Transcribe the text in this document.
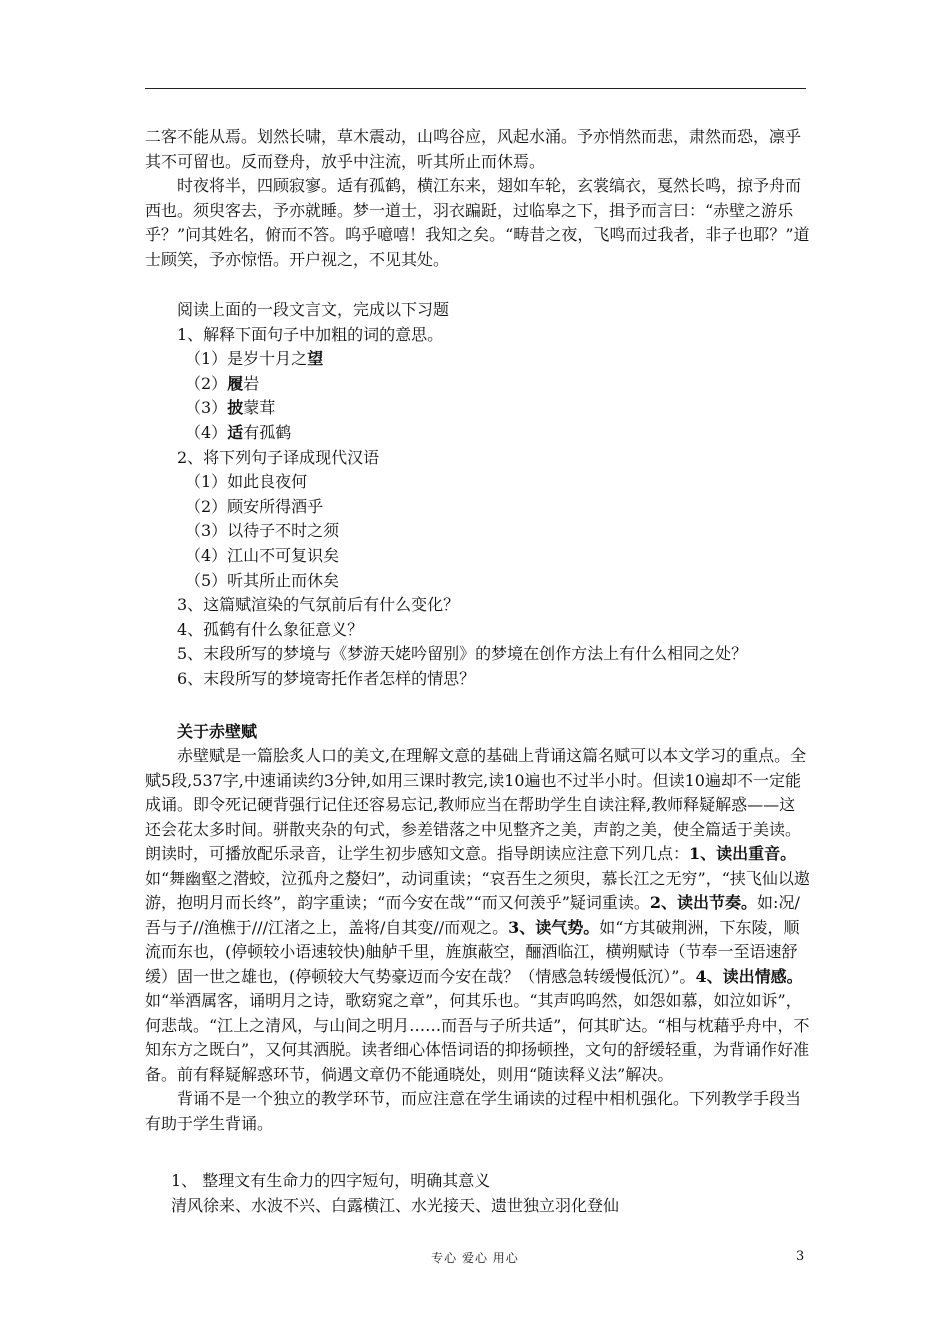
二客不能从焉。划然长啸，草木震动，山鸣谷应，风起水涌。予亦悄然而悲，肃然而恐，凛乎其不可留也。反而登舟，放乎中注流，听其所止而休焉。

时夜将半，四顾寂寥。适有孤鹤，横江东来，翅如车轮，玄裳缟衣，戛然长鸣，掠予舟而西也。须臾客去，予亦就睡。梦一道士，羽衣蹁跹，过临皋之下，揖予而言曰：“赤壁之游乐乎？”问其姓名，俯而不答。呜乎噫嘻！我知之矣。“畴昔之夜，飞鸣而过我者，非子也耶？”道士顾笑，予亦惊悟。开户视之，不见其处。

阅读上面的一段文言文，完成以下习题
1、解释下面句子中加粗的词的意思。
（1）是岁十月之望
（2）履岩
（3）披蒙茸
（4）适有孤鹤
2、将下列句子译成现代汉语
（1）如此良夜何
（2）顾安所得酒乎
（3）以待子不时之须
（4）江山不可复识矣
（5）听其所止而休矣
3、这篇赋渲染的气氛前后有什么变化？
4、孤鹤有什么象征意义？
5、末段所写的梦境与《梦游天姥吟留别》的梦境在创作方法上有什么相同之处？
6、末段所写的梦境寄托作者怎样的情思？
关于赤壁赋

赤壁赋是一篇脍炙人口的美文,在理解文意的基础上背诵这篇名赋可以本文学习的重点。全赋5段,537字,中速诵读约3分钟,如用三课时教完,读10遍也不过半小时。但读10遍却不一定能成诵。即令死记硬背强行记住还容易忘记,教师应当在帮助学生自读注释,教师释疑解惑——这还会花太多时间。骈散夹杂的句式，参差错落之中见整齐之美，声韵之美，使全篇适于美读。朗读时，可播放配乐录音，让学生初步感知文意。指导朗读应注意下列几点：1、读出重音。如“舞幽壑之潜蛟，泣孤舟之嫠妇”，动词重读；“哀吾生之须臾，慕长江之无穷”，“挟飞仙以遨游，抱明月而长终”，韵字重读；“而今安在哉”“而又何羡乎”疑词重读。2、读出节奏。如:况/吾与子//渔樵于///江渚之上，盖将/自其变//而观之。3、读气势。如“方其破荆洲，下东陵，顺流而东也，(停顿较小语速较快)舳舻千里，旌旗蔽空，酾酒临江，横朔赋诗（节奉一至语速舒缓）固一世之雄也，(停顿较大气势豪迈而今安在哉？（情感急转缓慢低沉）”。4、读出情感。如“举酒属客，诵明月之诗，歌窈窕之章”，何其乐也。“其声呜呜然，如怨如慕，如泣如诉”，何悲哉。“江上之清风，与山间之明月……而吾与子所共适”，何其旷达。“相与枕藉乎舟中，不知东方之既白”，又何其洒脱。读者细心体悟词语的抑扬顿挫，文句的舒缓轻重，为背诵作好准备。前有释疑解惑环节，倘遇文章仍不能通晓处，则用“随读释义法”解决。

背诵不是一个独立的教学环节，而应注意在学生诵读的过程中相机强化。下列教学手段当有助于学生背诵。

1、 整理文有生命力的四字短句，明确其意义
清风徐来、水波不兴、白露横江、水光接天、遗世独立羽化登仙
专心 爱心 用心	3
